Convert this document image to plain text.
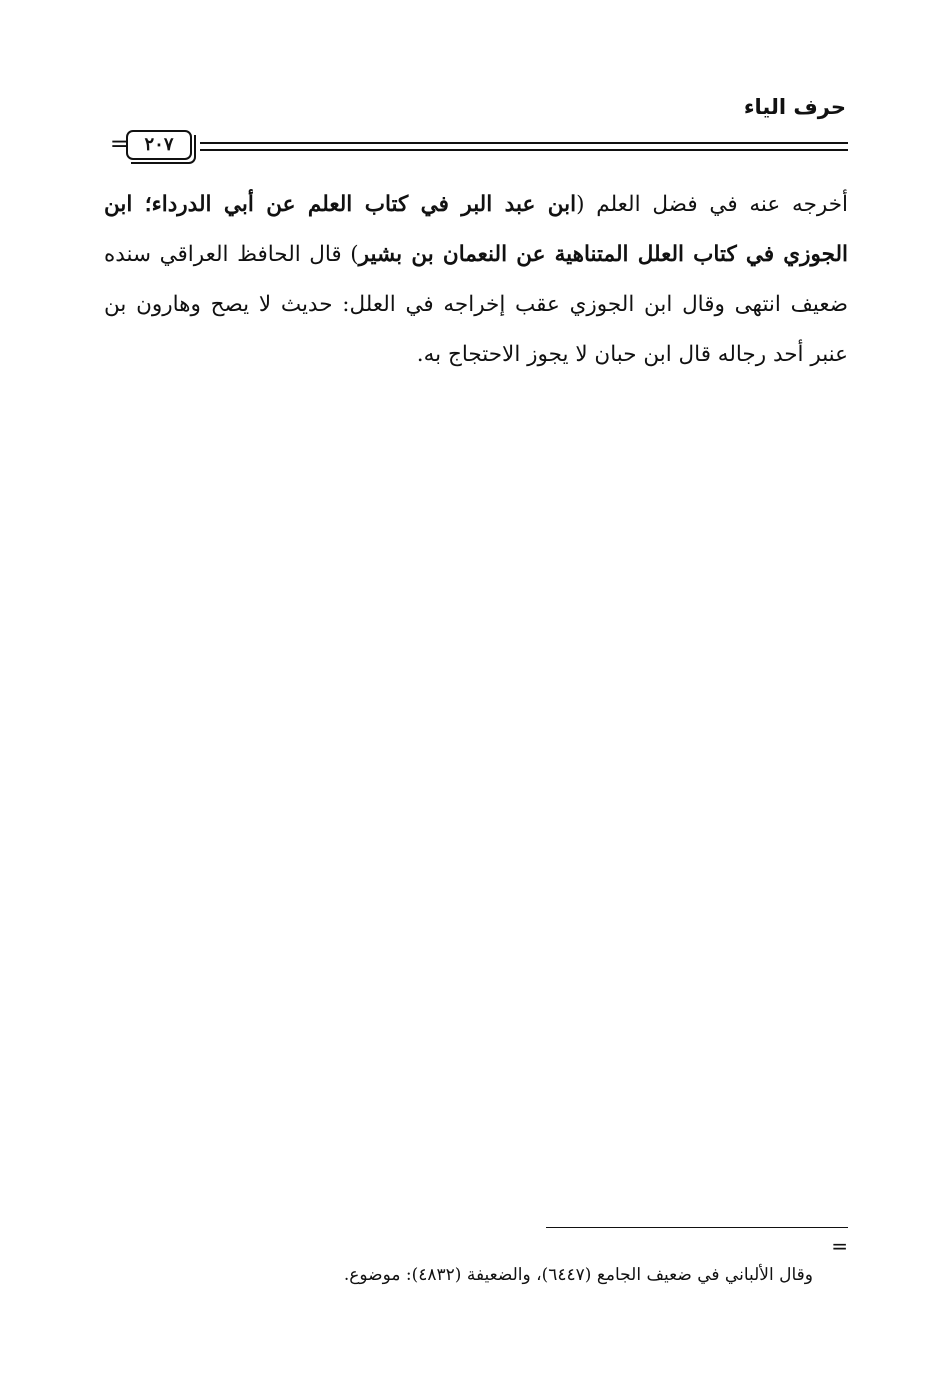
حرف الياء
= ٢٠٧
أخرجه عنه في فضل العلم (ابن عبد البر في كتاب العلم عن أبي الدرداء؛ ابن الجوزي في كتاب العلل المتناهية عن النعمان بن بشير) قال الحافظ العراقي سنده ضعيف انتهى وقال ابن الجوزي عقب إخراجه في العلل: حديث لا يصح وهارون بن عنبر أحد رجاله قال ابن حبان لا يجوز الاحتجاج به.
=
وقال الألباني في ضعيف الجامع (٦٤٤٧)، والضعيفة (٤٨٣٢): موضوع.
